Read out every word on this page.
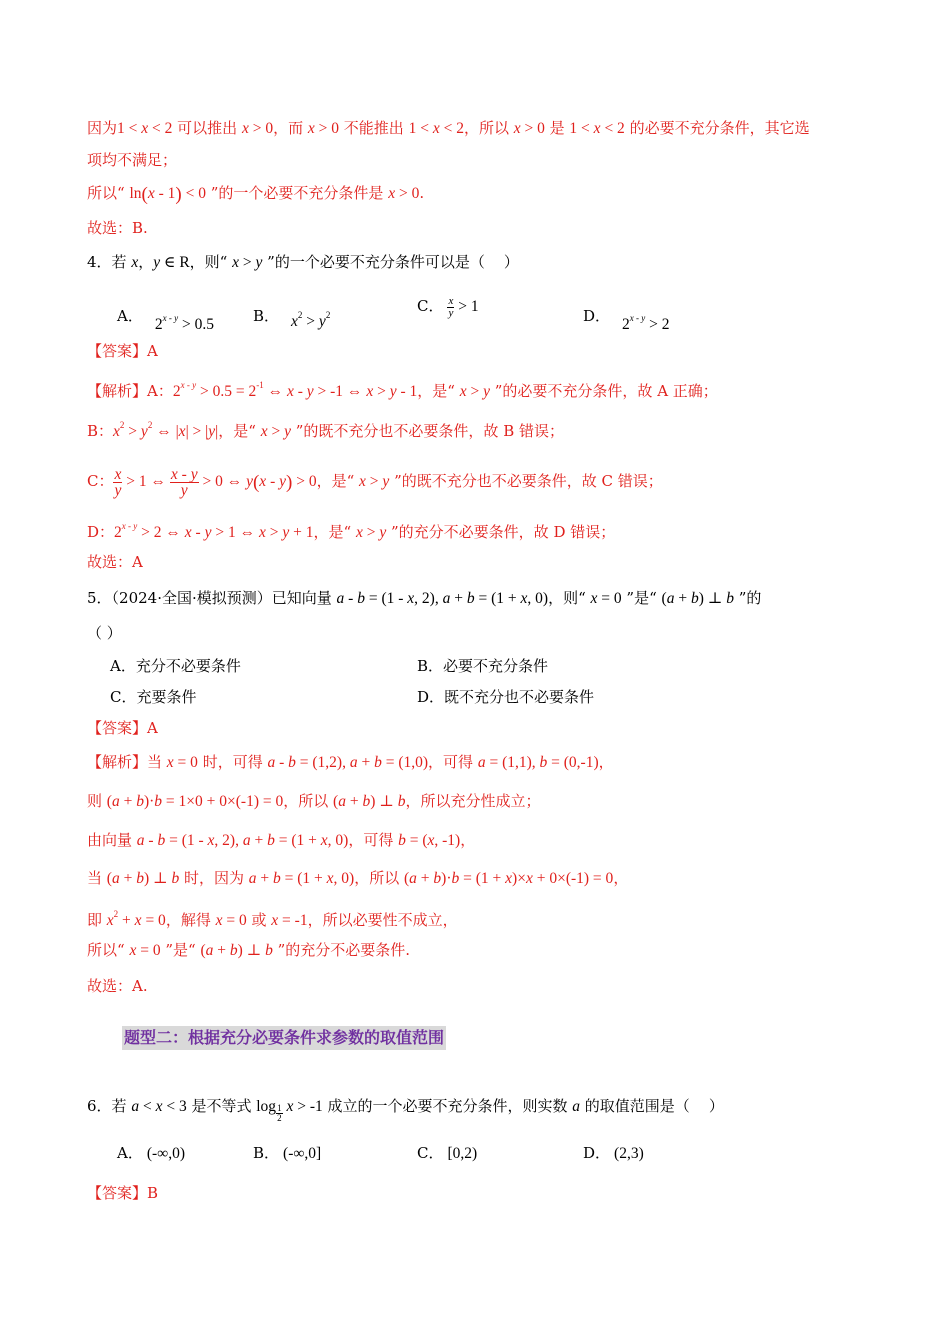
因为1 < x < 2 可以推出 x > 0，而 x > 0 不能推出 1 < x < 2，所以 x > 0 是 1 < x < 2 的必要不充分条件，其它选
项均不满足；
所以“ ln(x - 1) < 0 ”的一个必要不充分条件是 x > 0.
故选：B.
4．若 x，y ∈ R，则“ x > y ”的一个必要不充分条件可以是（    ）
A． $2^{x - y} > 0.5$	B． $x^2 > y^2$	C． $\frac{x}{y} > 1$
D． $2^{x - y} > 2$
【答案】A
【解析】A：$2^{x - y} > 0.5 = 2^{-1}$ ⇔ x - y > -1 ⇔ x > y - 1，是“ x > y ”的必要不充分条件，故 A 正确；
B：$x^2 > y^2$ ⇔ |x| > |y|，是“ x > y ”的既不充分也不必要条件，故 B 错误；
C： $\frac{x}{y} > 1$ ⇔ $\frac{x - y}{y} > 0$ ⇔ y(x - y) > 0，是“ x > y ”的既不充分也不必要条件，故 C 错误；
D：$2^{x - y} > 2$ ⇔ x - y > 1 ⇔ x > y + 1，是“ x > y ”的充分不必要条件，故 D 错误；
故选：A
5．（2024·全国·模拟预测）已知向量 a - b = (1 - x, 2), a + b = (1 + x, 0)，则“ x = 0 ”是“ (a + b) ⊥ b ”的
（ ）
A．充分不必要条件	B．必要不充分条件
C．充要条件	D．既不充分也不必要条件
【答案】A
【解析】当 x = 0 时，可得 a - b = (1,2), a + b = (1,0)，可得 a = (1,1), b = (0,-1)，
则 (a + b)·b = 1×0 + 0×(-1) = 0，所以 (a + b) ⊥ b，所以充分性成立；
由向量 a - b = (1 - x, 2), a + b = (1 + x, 0)，可得 b = (x, -1)，
当 (a + b) ⊥ b 时，因为 a + b = (1 + x, 0)，所以 (a + b)·b = (1 + x)×x + 0×(-1) = 0，
即 $x^2 + x = 0$，解得 x = 0 或 x = -1，所以必要性不成立，
所以“ x = 0 ”是“ (a + b) ⊥ b ”的充分不必要条件.
故选：A.
题型二：根据充分必要条件求参数的取值范围
6．若 a < x < 3 是不等式 log $_{\frac{1}{2}}$ x > -1 成立的一个必要不充分条件，则实数 a 的取值范围是（    ）
A． (-∞,0)	B． (-∞,0]	C． [0,2)	D． (2,3)
【答案】B
